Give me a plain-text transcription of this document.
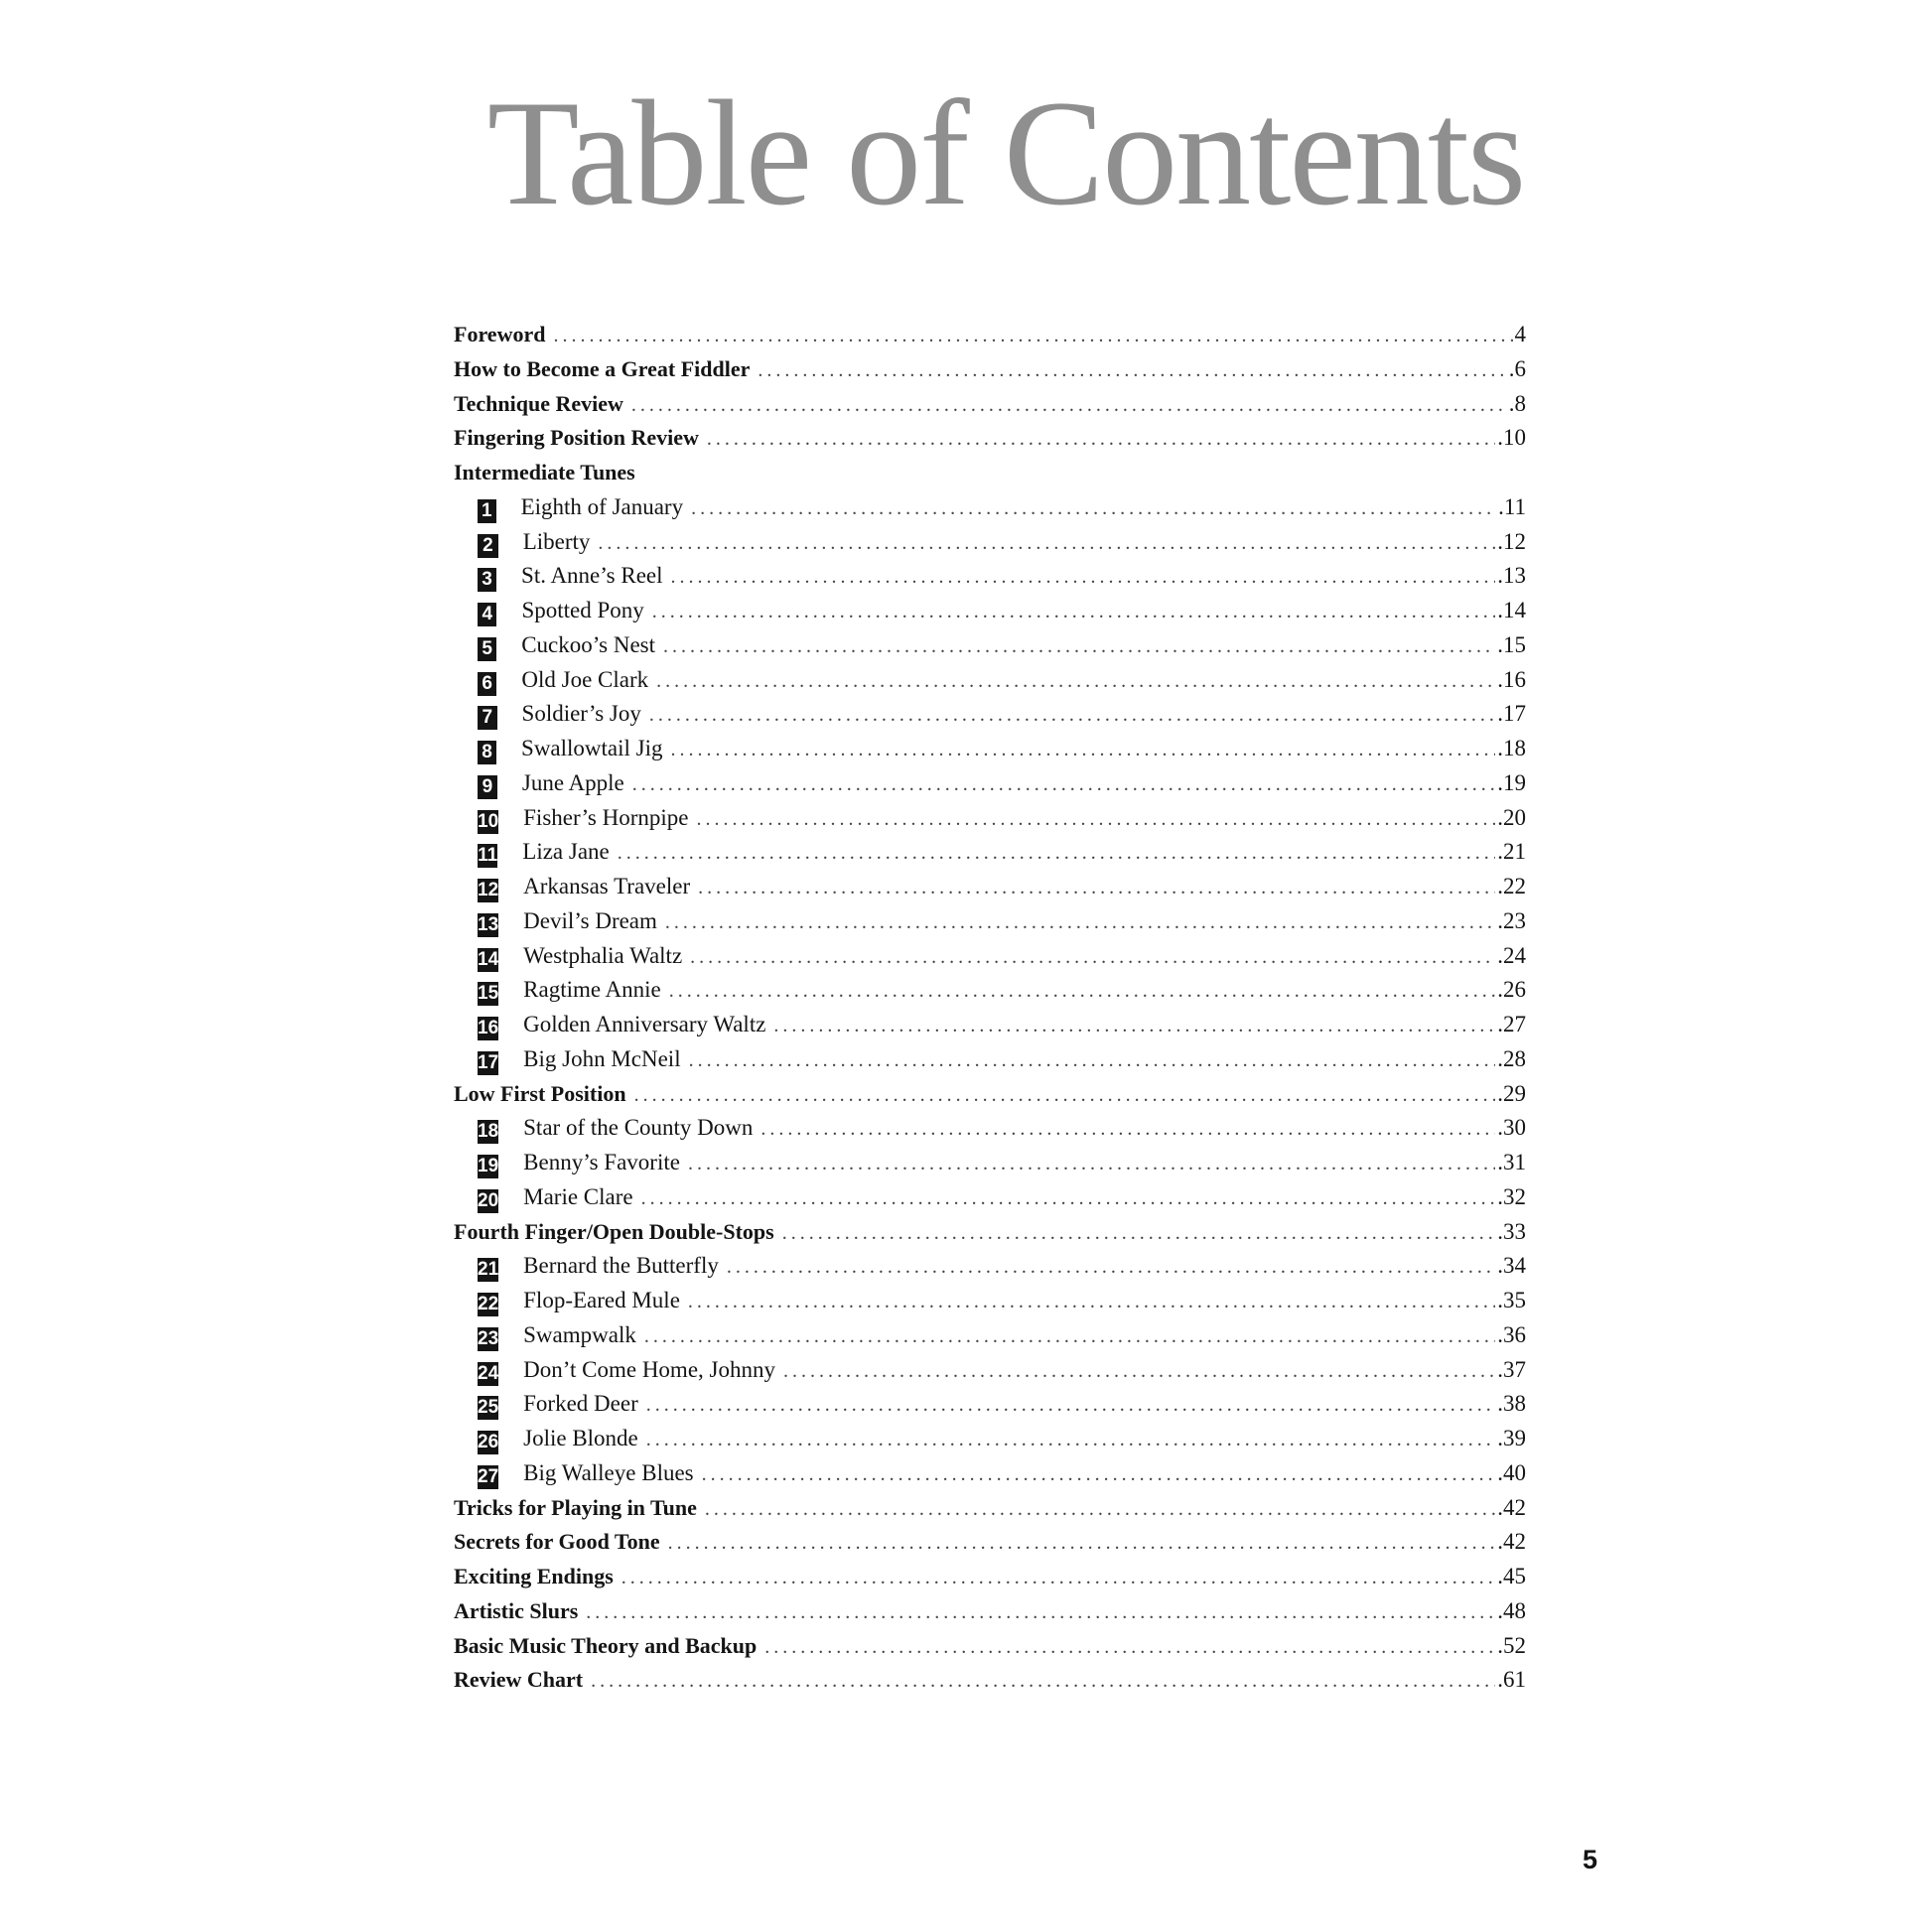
Table of Contents
Foreword .....	4
How to Become a Great Fiddler .....	.6
Technique Review .....	.8
Fingering Position Review .....	.10
Intermediate Tunes
1 Eighth of January .....	.11
2 Liberty .....	.12
3 St. Anne’s Reel .....	.13
4 Spotted Pony .....	.14
5 Cuckoo’s Nest .....	.15
6 Old Joe Clark .....	.16
7 Soldier’s Joy .....	.17
8 Swallowtail Jig .....	.18
9 June Apple .....	.19
10 Fisher’s Hornpipe .....	.20
11 Liza Jane .....	.21
12 Arkansas Traveler .....	.22
13 Devil’s Dream .....	.23
14 Westphalia Waltz .....	.24
15 Ragtime Annie .....	.26
16 Golden Anniversary Waltz .....	.27
17 Big John McNeil .....	.28
Low First Position .....	.29
18 Star of the County Down .....	.30
19 Benny’s Favorite .....	.31
20 Marie Clare .....	.32
Fourth Finger/Open Double-Stops .....	.33
21 Bernard the Butterfly .....	.34
22 Flop-Eared Mule .....	.35
23 Swampwalk .....	.36
24 Don’t Come Home, Johnny .....	.37
25 Forked Deer .....	.38
26 Jolie Blonde .....	.39
27 Big Walleye Blues .....	.40
Tricks for Playing in Tune .....	.42
Secrets for Good Tone .....	.42
Exciting Endings .....	.45
Artistic Slurs .....	.48
Basic Music Theory and Backup .....	.52
Review Chart .....	.61

5
